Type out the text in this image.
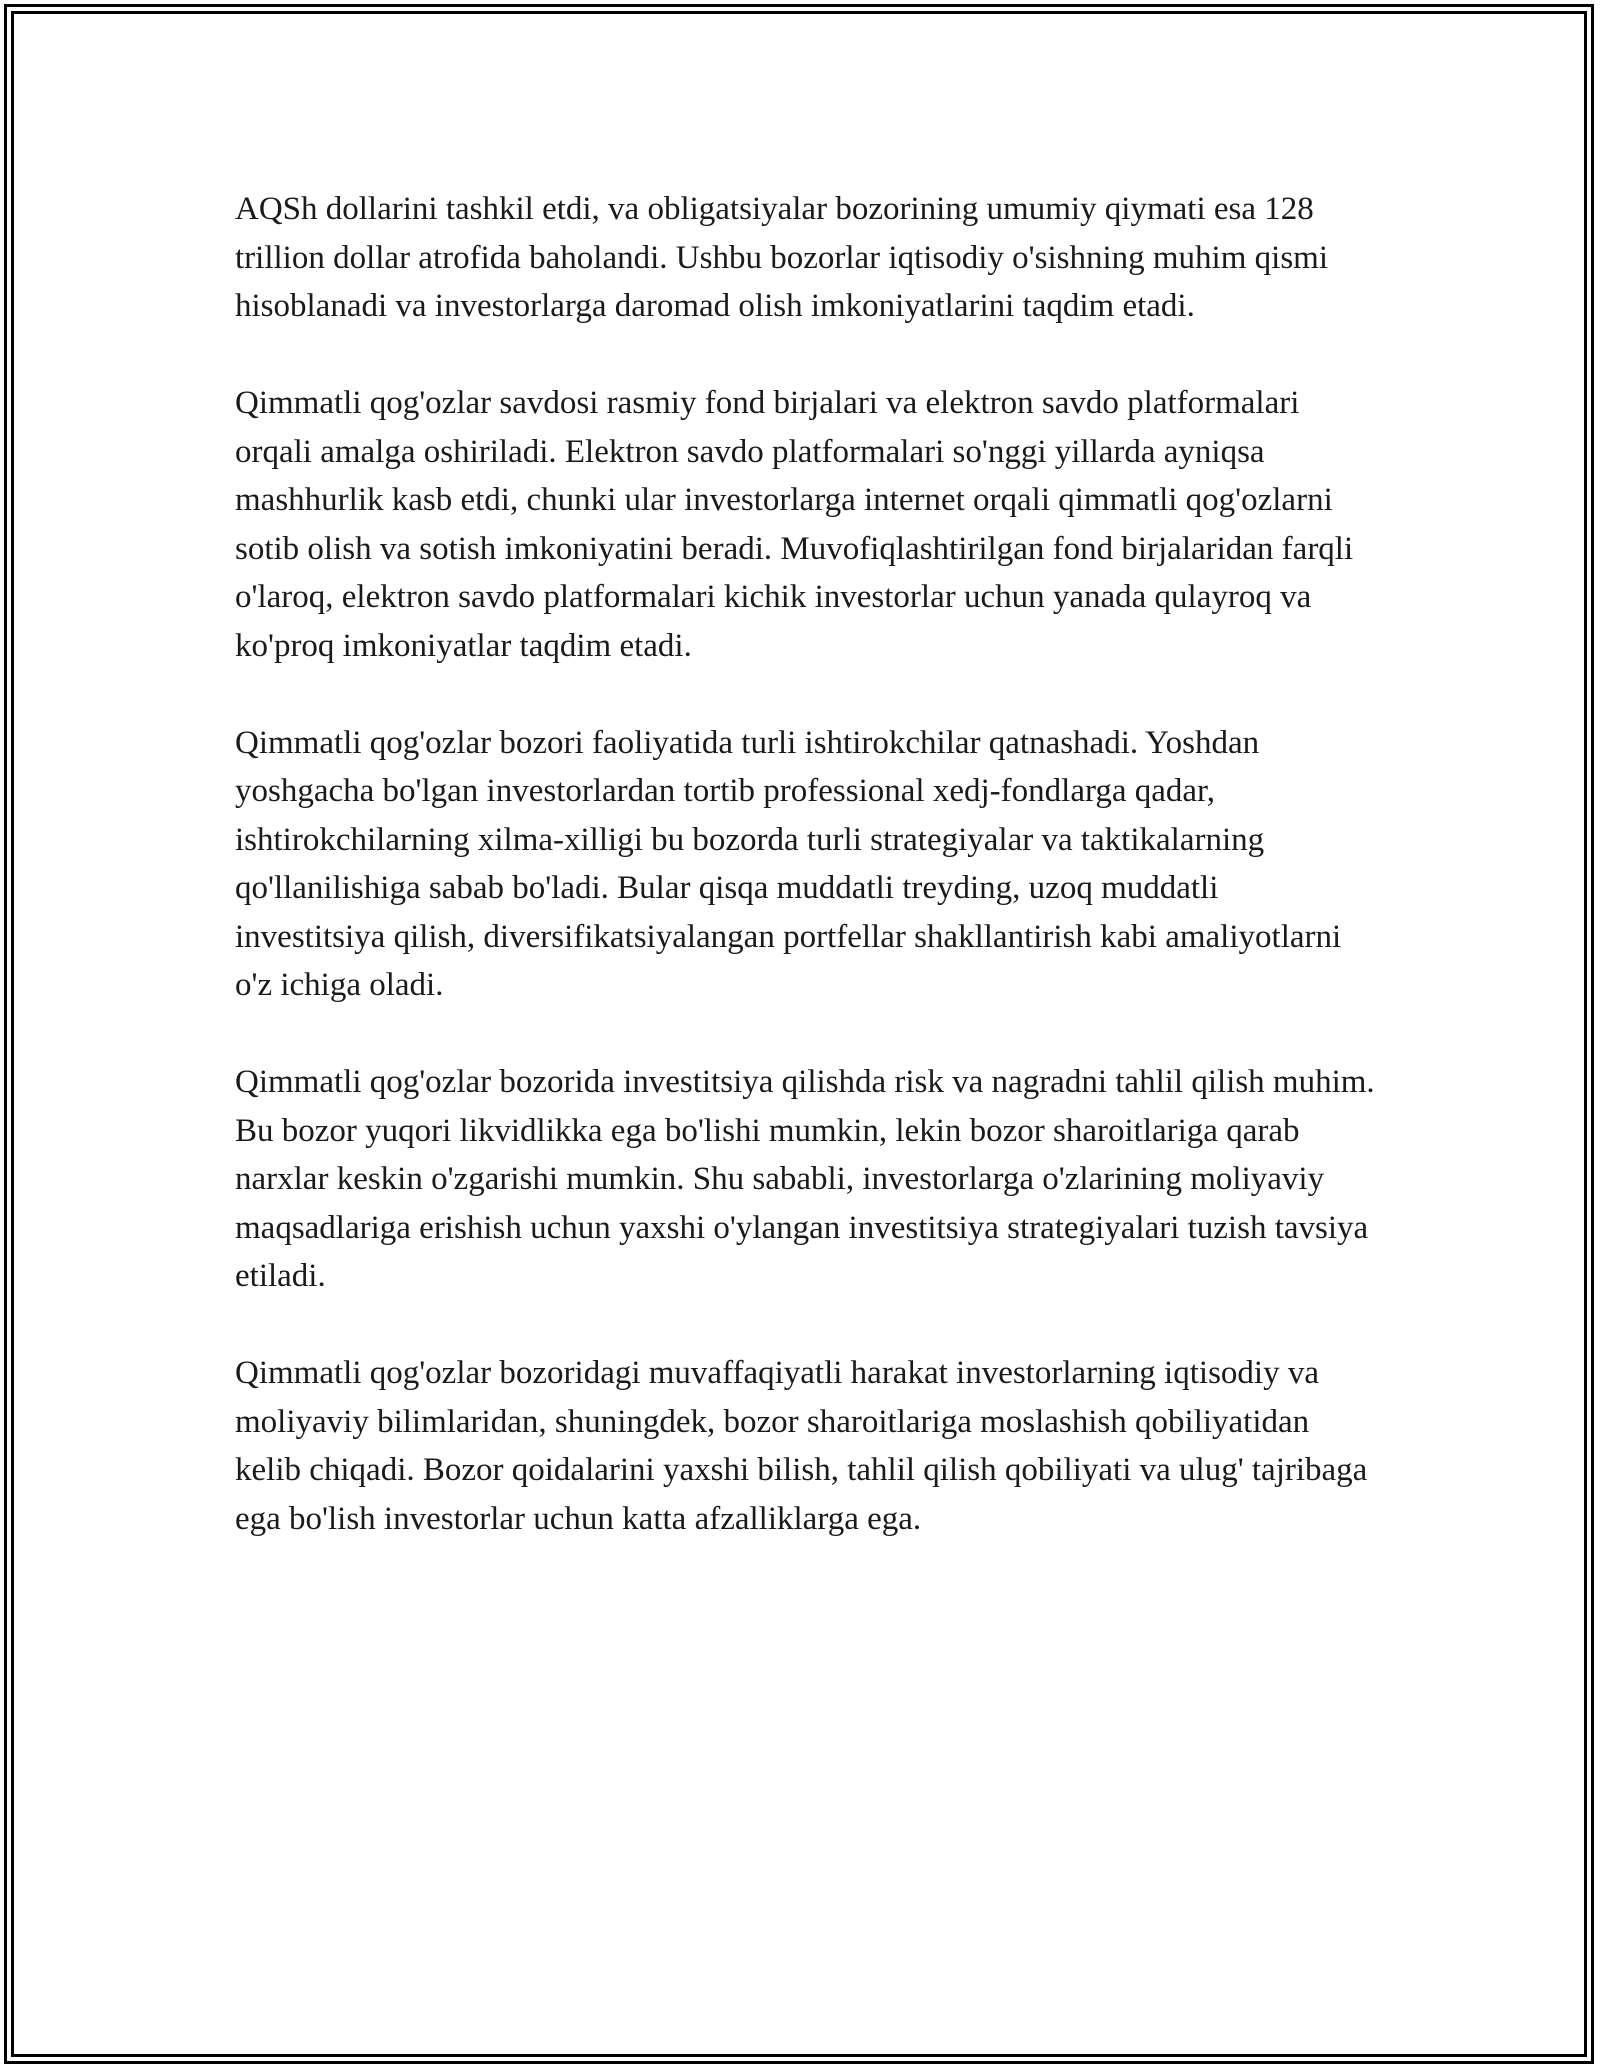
AQSh dollarini tashkil etdi, va obligatsiyalar bozorining umumiy qiymati esa 128 trillion dollar atrofida baholandi. Ushbu bozorlar iqtisodiy o'sishning muhim qismi hisoblanadi va investorlarga daromad olish imkoniyatlarini taqdim etadi.

Qimmatli qog'ozlar savdosi rasmiy fond birjalari va elektron savdo platformalari orqali amalga oshiriladi. Elektron savdo platformalari so'nggi yillarda ayniqsa mashhurlik kasb etdi, chunki ular investorlarga internet orqali qimmatli qog'ozlarni sotib olish va sotish imkoniyatini beradi. Muvofiqlashtirilgan fond birjalaridan farqli o'laroq, elektron savdo platformalari kichik investorlar uchun yanada qulayroq va ko'proq imkoniyatlar taqdim etadi.

Qimmatli qog'ozlar bozori faoliyatida turli ishtirokchilar qatnashadi. Yoshdan yoshgacha bo'lgan investorlardan tortib professional xedj-fondlarga qadar, ishtirokchilarning xilma-xilligi bu bozorda turli strategiyalar va taktikalarning qo'llanilishiga sabab bo'ladi. Bular qisqa muddatli treyding, uzoq muddatli investitsiya qilish, diversifikatsiyalangan portfellar shakllantirish kabi amaliyotlarni o'z ichiga oladi.

Qimmatli qog'ozlar bozorida investitsiya qilishda risk va nagradni tahlil qilish muhim. Bu bozor yuqori likvidlikka ega bo'lishi mumkin, lekin bozor sharoitlariga qarab narxlar keskin o'zgarishi mumkin. Shu sababli, investorlarga o'zlarining moliyaviy maqsadlariga erishish uchun yaxshi o'ylangan investitsiya strategiyalari tuzish tavsiya etiladi.

Qimmatli qog'ozlar bozoridagi muvaffaqiyatli harakat investorlarning iqtisodiy va moliyaviy bilimlaridan, shuningdek, bozor sharoitlariga moslashish qobiliyatidan kelib chiqadi. Bozor qoidalarini yaxshi bilish, tahlil qilish qobiliyati va ulug' tajribaga ega bo'lish investorlar uchun katta afzalliklarga ega.
